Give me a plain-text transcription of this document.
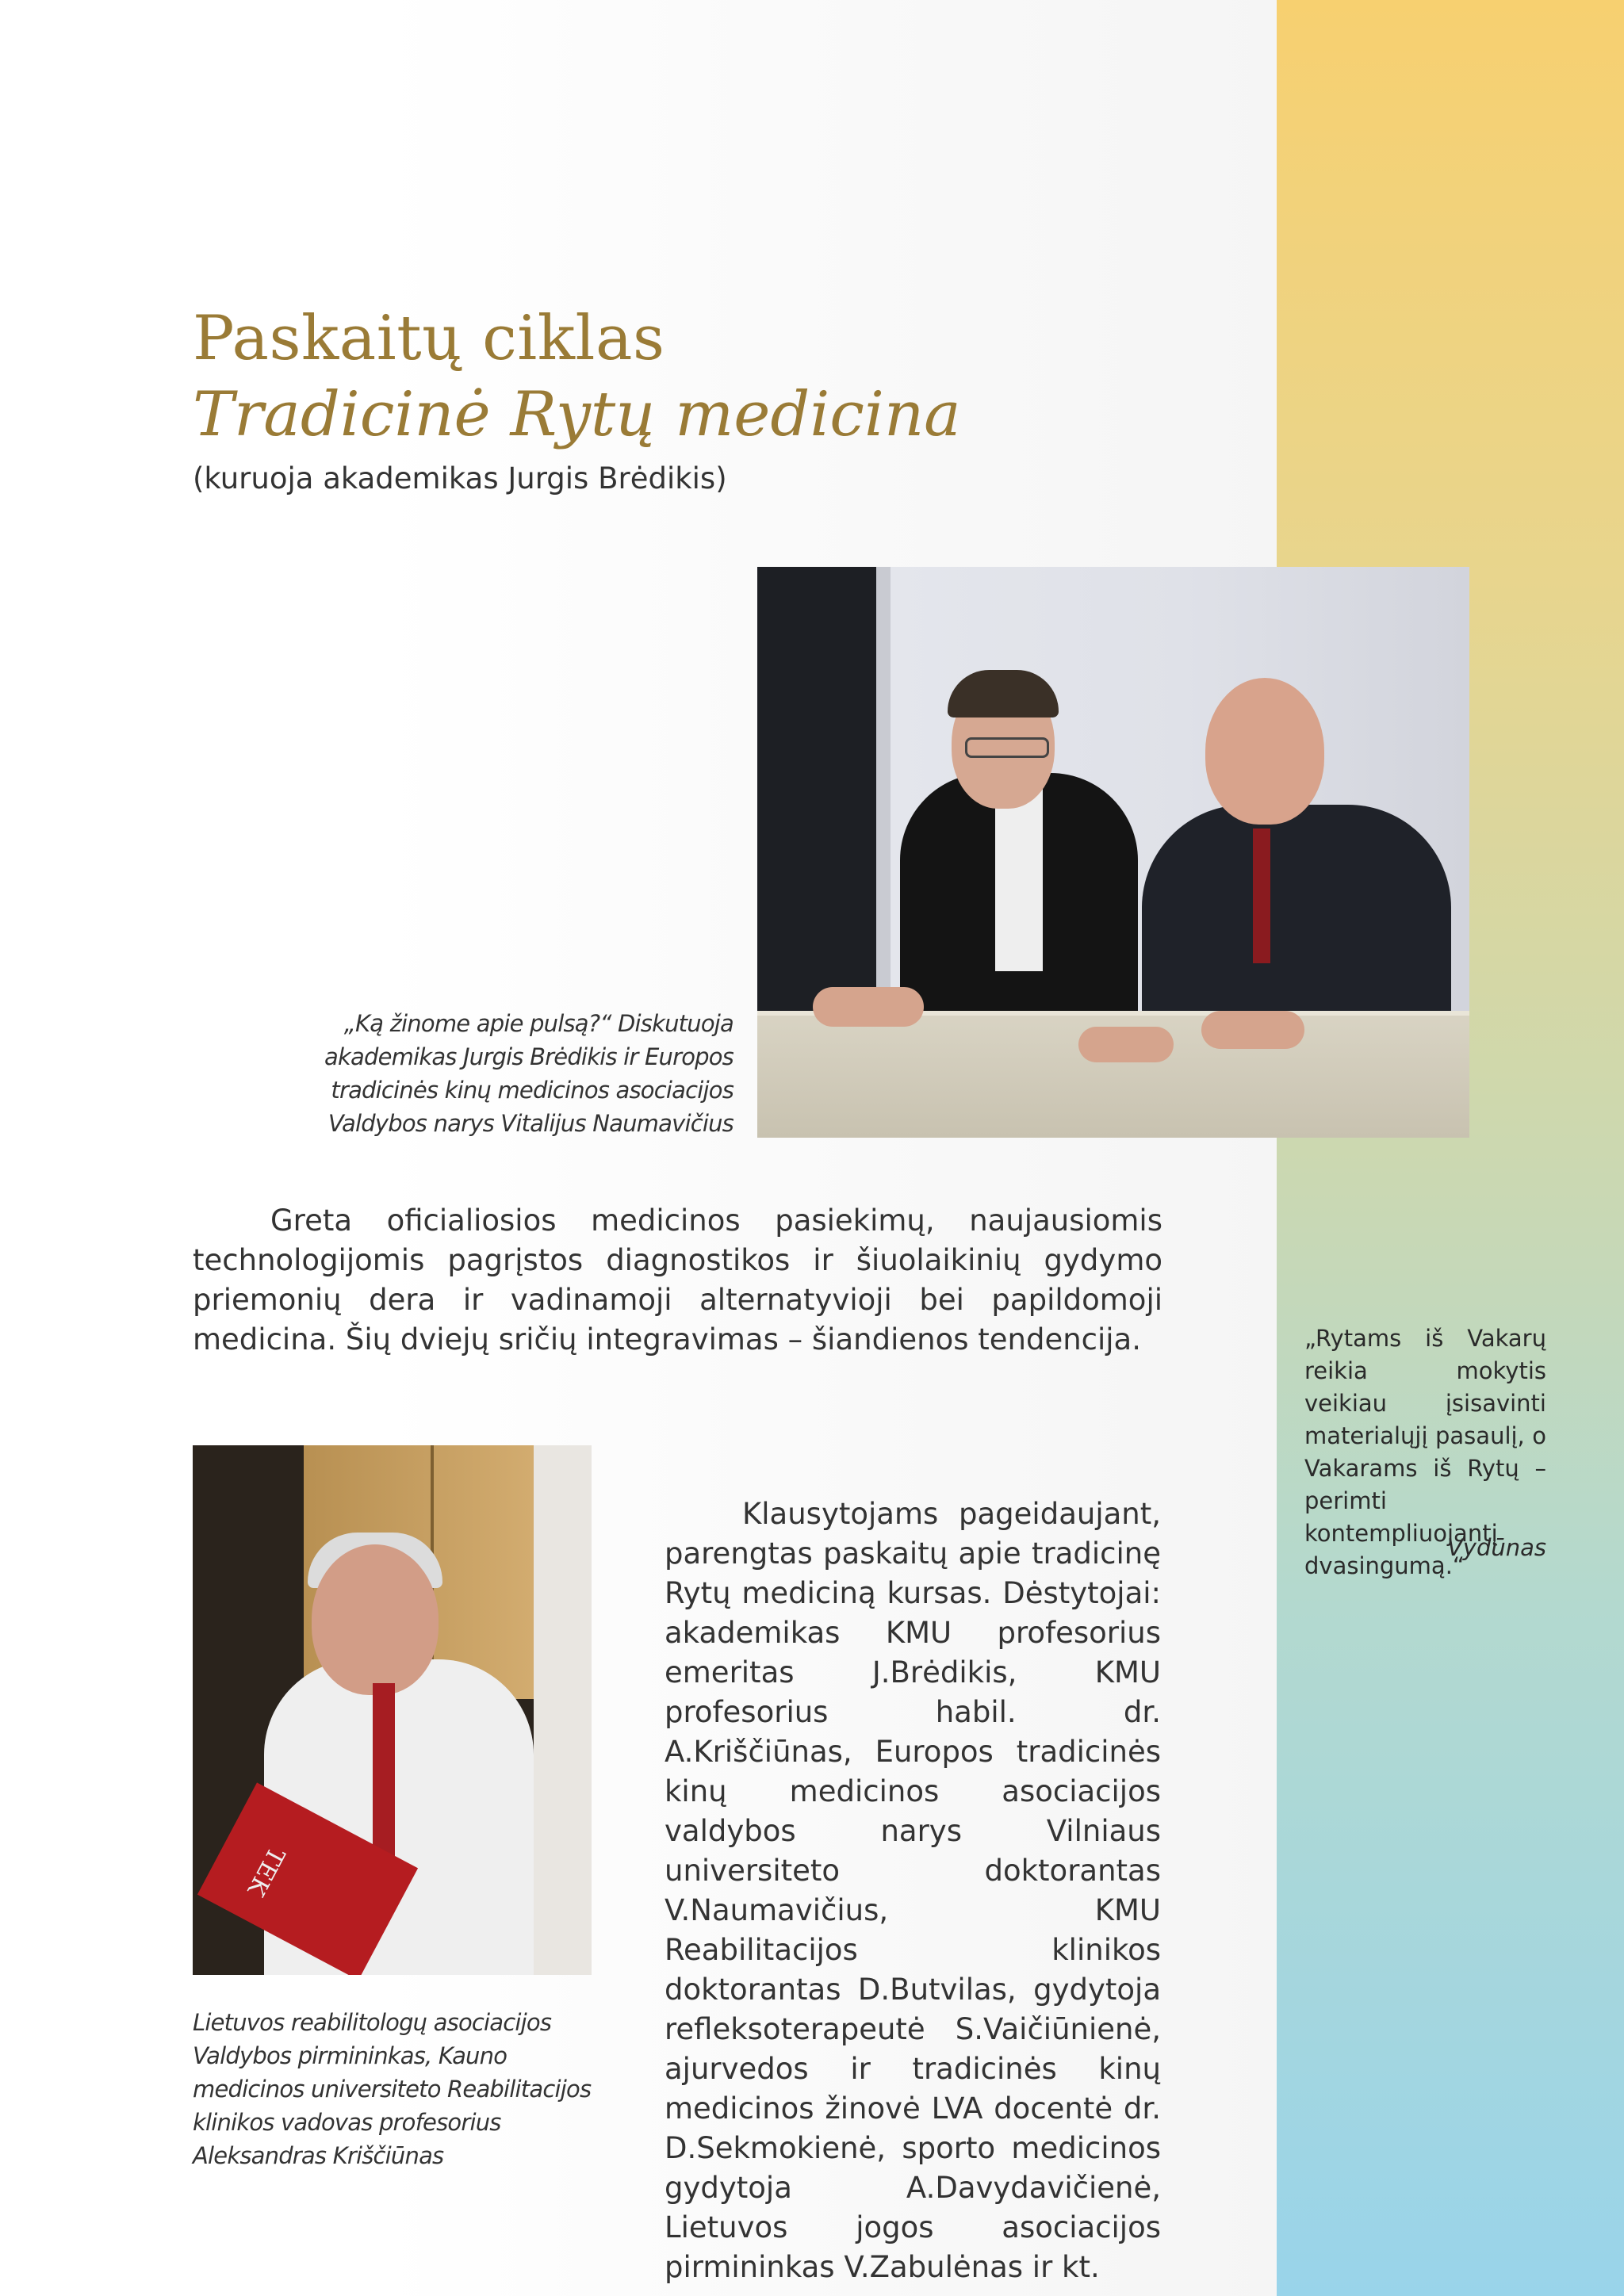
Paskaitų ciklas
Tradicinė Rytų medicina
(kuruoja akademikas Jurgis Brėdikis)
„Ką žinome apie pulsą?“ Diskutuoja akademikas Jurgis Brėdikis ir Europos tradicinės kinų medicinos asociacijos Valdybos narys Vitalijus Naumavičius
Greta oficialiosios medicinos pasiekimų, naujausiomis technologijomis pagrįstos diagnostikos ir šiuolaikinių gydymo priemonių dera ir vadinamoji alternatyvioji bei papildomoji medicina. Šių dviejų sričių integravimas – šiandienos tendencija.
TEK
Lietuvos reabilitologų asociacijos Valdybos pirmininkas, Kauno medicinos universiteto Reabilitacijos klinikos vadovas profesorius Aleksandras Kriščiūnas
Klausytojams pageidaujant, parengtas paskaitų apie tradicinę Rytų mediciną kursas. Dėstytojai: akademikas KMU profesorius emeritas J.Brėdikis, KMU profesorius habil. dr. A.Kriščiūnas, Europos tradicinės kinų medicinos asociacijos valdybos narys Vilniaus universiteto doktorantas V.Naumavičius, KMU Reabilitacijos klinikos doktorantas D.Butvilas, gydytoja refleksoterapeutė S.Vaičiūnienė, ajurvedos ir tradicinės kinų medicinos žinovė LVA docentė dr. D.Sekmokienė, sporto medicinos gydytoja A.Davydavičienė, Lietuvos jogos asociacijos pirmininkas V.Zabulėnas ir kt.
„Rytams iš Vakarų reikia mokytis veikiau įsisavinti materialųjį pasaulį, o Vakarams iš Rytų – perimti kontempliuojantį dvasingumą.“
Vydūnas
